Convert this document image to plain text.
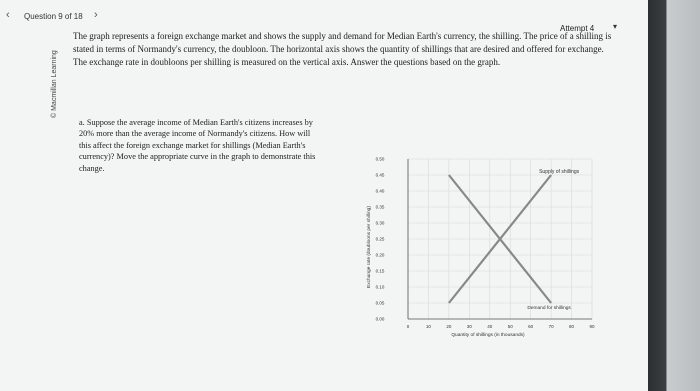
‹ Question 9 of 18 ›
Attempt 4 ▾
© Macmillan Learning

The graph represents a foreign exchange market and shows the supply and demand for Median Earth's currency, the shilling. The price of a shilling is stated in terms of Normandy's currency, the doubloon. The horizontal axis shows the quantity of shillings that are desired and offered for exchange. The exchange rate in doubloons per shilling is measured on the vertical axis. Answer the questions based on the graph.

a. Suppose the average income of Median Earth's citizens increases by 20% more than the average income of Normandy's citizens. How will this affect the foreign exchange market for shillings (Median Earth's currency)? Move the appropriate curve in the graph to demonstrate this change.

0	10	20	30	40	50	60	70	80	90
0.00
0.05
0.10
0.15
0.20
0.25
0.30
0.35
0.40
0.45
0.50
Supply of shillings
Demand for shillings
Quantity of shillings (in thousands)
Exchange rate (doubloons per shilling)
